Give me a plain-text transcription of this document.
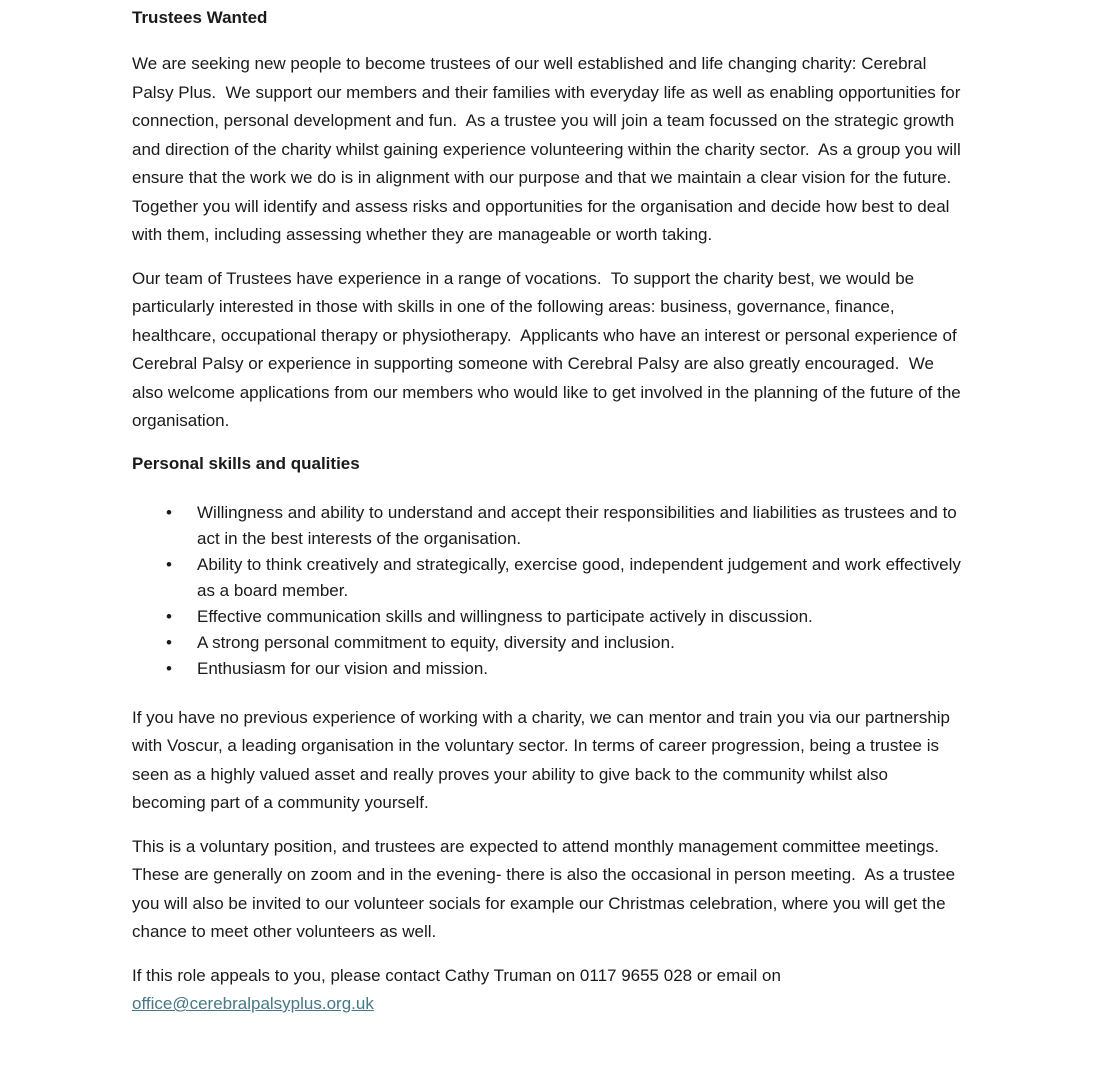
Trustees Wanted

We are seeking new people to become trustees of our well established and life changing charity: Cerebral Palsy Plus.  We support our members and their families with everyday life as well as enabling opportunities for connection, personal development and fun.  As a trustee you will join a team focussed on the strategic growth and direction of the charity whilst gaining experience volunteering within the charity sector.  As a group you will ensure that the work we do is in alignment with our purpose and that we maintain a clear vision for the future.  Together you will identify and assess risks and opportunities for the organisation and decide how best to deal with them, including assessing whether they are manageable or worth taking.

Our team of Trustees have experience in a range of vocations.  To support the charity best, we would be particularly interested in those with skills in one of the following areas: business, governance, finance, healthcare, occupational therapy or physiotherapy.  Applicants who have an interest or personal experience of Cerebral Palsy or experience in supporting someone with Cerebral Palsy are also greatly encouraged.  We also welcome applications from our members who would like to get involved in the planning of the future of the organisation.

Personal skills and qualities
• Willingness and ability to understand and accept their responsibilities and liabilities as trustees and to act in the best interests of the organisation.
• Ability to think creatively and strategically, exercise good, independent judgement and work effectively as a board member.
• Effective communication skills and willingness to participate actively in discussion.
• A strong personal commitment to equity, diversity and inclusion.
• Enthusiasm for our vision and mission.

If you have no previous experience of working with a charity, we can mentor and train you via our partnership with Voscur, a leading organisation in the voluntary sector. In terms of career progression, being a trustee is seen as a highly valued asset and really proves your ability to give back to the community whilst also becoming part of a community yourself.

This is a voluntary position, and trustees are expected to attend monthly management committee meetings.  These are generally on zoom and in the evening- there is also the occasional in person meeting.  As a trustee you will also be invited to our volunteer socials for example our Christmas celebration, where you will get the chance to meet other volunteers as well.

If this role appeals to you, please contact Cathy Truman on 0117 9655 028 or email on office@cerebralpalsyplus.org.uk
